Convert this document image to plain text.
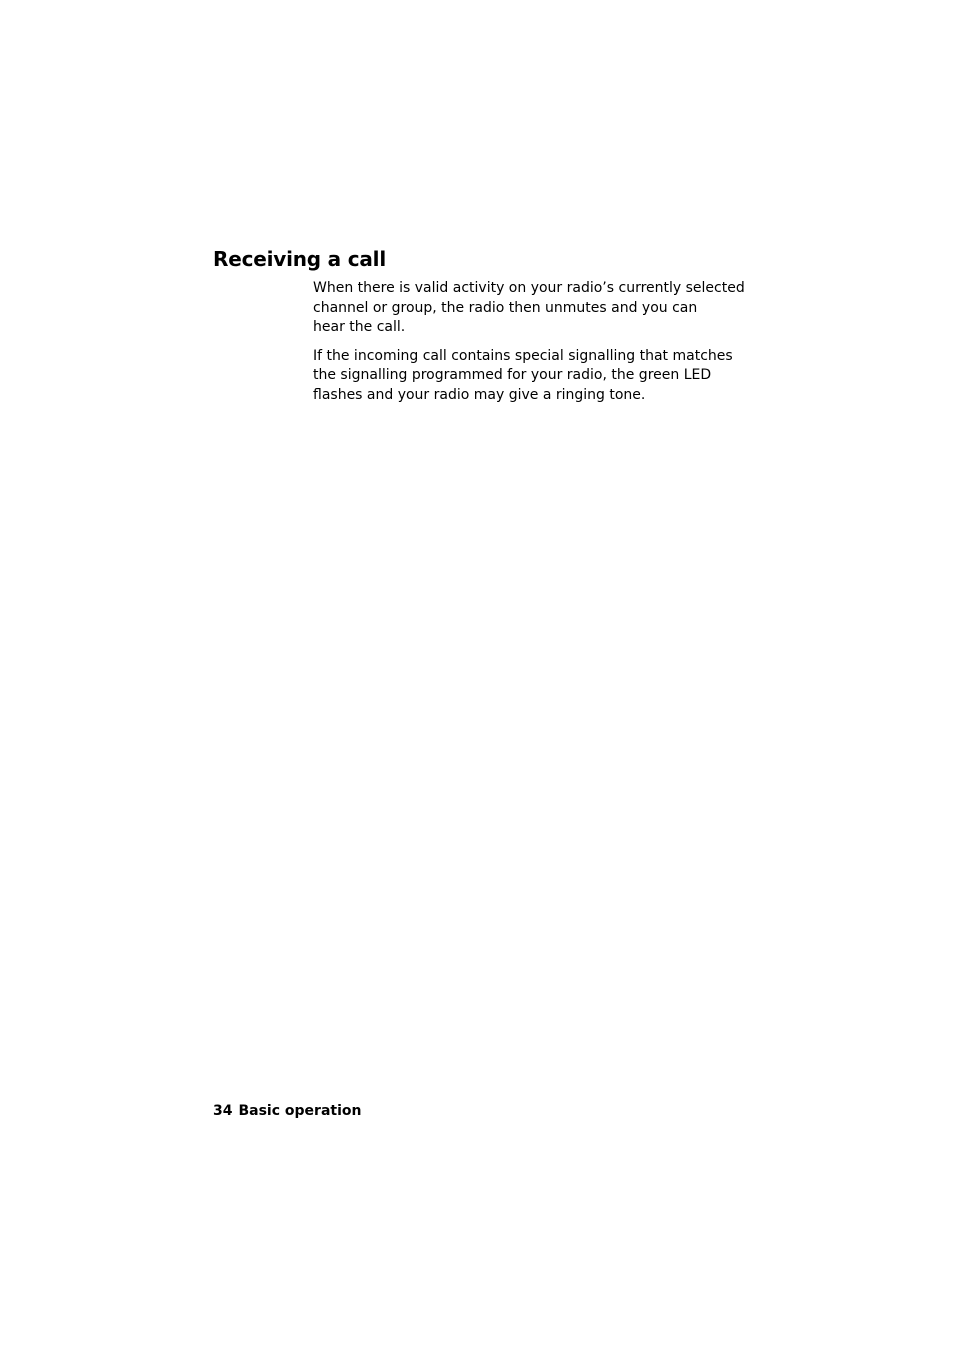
Receiving a call

When there is valid activity on your radio’s currently selected
channel or group, the radio then unmutes and you can
hear the call.

If the incoming call contains special signalling that matches
the signalling programmed for your radio, the green LED
flashes and your radio may give a ringing tone.

34 Basic operation
